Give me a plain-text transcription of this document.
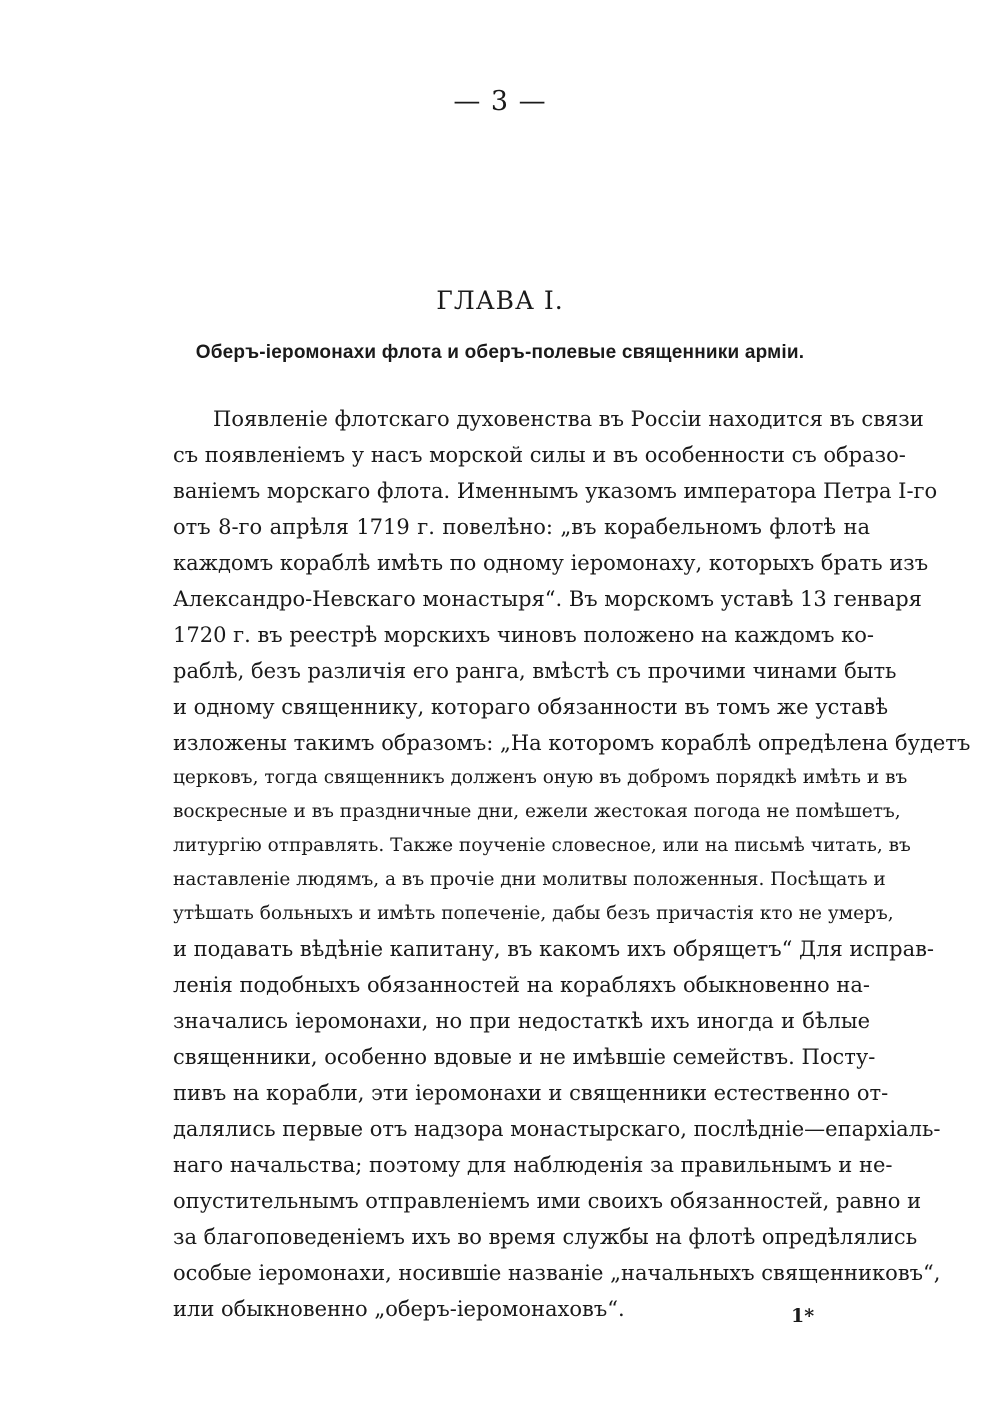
— 3 —
ГЛАВА I.
Оберъ-іеромонахи флота и оберъ-полевые священники арміи.
Появленіе флотскаго духовенства въ Россіи находится въ связи
съ появленіемъ у насъ морской силы и въ особенности съ образо-
ваніемъ морскаго флота. Именнымъ указомъ императора Петра I-го
отъ 8-го апрѣля 1719 г. повелѣно: „въ корабельномъ флотѣ на
каждомъ кораблѣ имѣть по одному іеромонаху, которыхъ брать изъ
Александро-Невскаго монастыря“. Въ морскомъ уставѣ 13 генваря
1720 г. въ реестрѣ морскихъ чиновъ положено на каждомъ ко-
раблѣ, безъ различія его ранга, вмѣстѣ съ прочими чинами быть
и одному священнику, котораго обязанности въ томъ же уставѣ
изложены такимъ образомъ: „На которомъ кораблѣ опредѣлена будетъ
церковъ, тогда священникъ долженъ оную въ добромъ порядкѣ имѣть и въ
воскресные и въ праздничные дни, ежели жестокая погода не помѣшетъ,
литургію отправлять. Также поученіе словесное, или на письмѣ читать, въ
наставленіе людямъ, а въ прочіе дни молитвы положенныя. Посѣщать и
утѣшать больныхъ и имѣть попеченіе, дабы безъ причастія кто не умеръ,
и подавать вѣдѣніе капитану, въ какомъ ихъ обрящетъ“ Для исправ-
ленія подобныхъ обязанностей на корабляхъ обыкновенно на-
значались іеромонахи, но при недостаткѣ ихъ иногда и бѣлые
священники, особенно вдовые и не имѣвшіе семействъ. Посту-
пивъ на корабли, эти іеромонахи и священники естественно от-
далялись первые отъ надзора монастырскаго, послѣдніе—епархіаль-
наго начальства; поэтому для наблюденія за правильнымъ и не-
опустительнымъ отправленіемъ ими своихъ обязанностей, равно и
за благоповеденіемъ ихъ во время службы на флотѣ опредѣлялись
особые іеромонахи, носившіе названіе „начальныхъ священниковъ“,
или обыкновенно „оберъ-іеромонаховъ“.	1*
